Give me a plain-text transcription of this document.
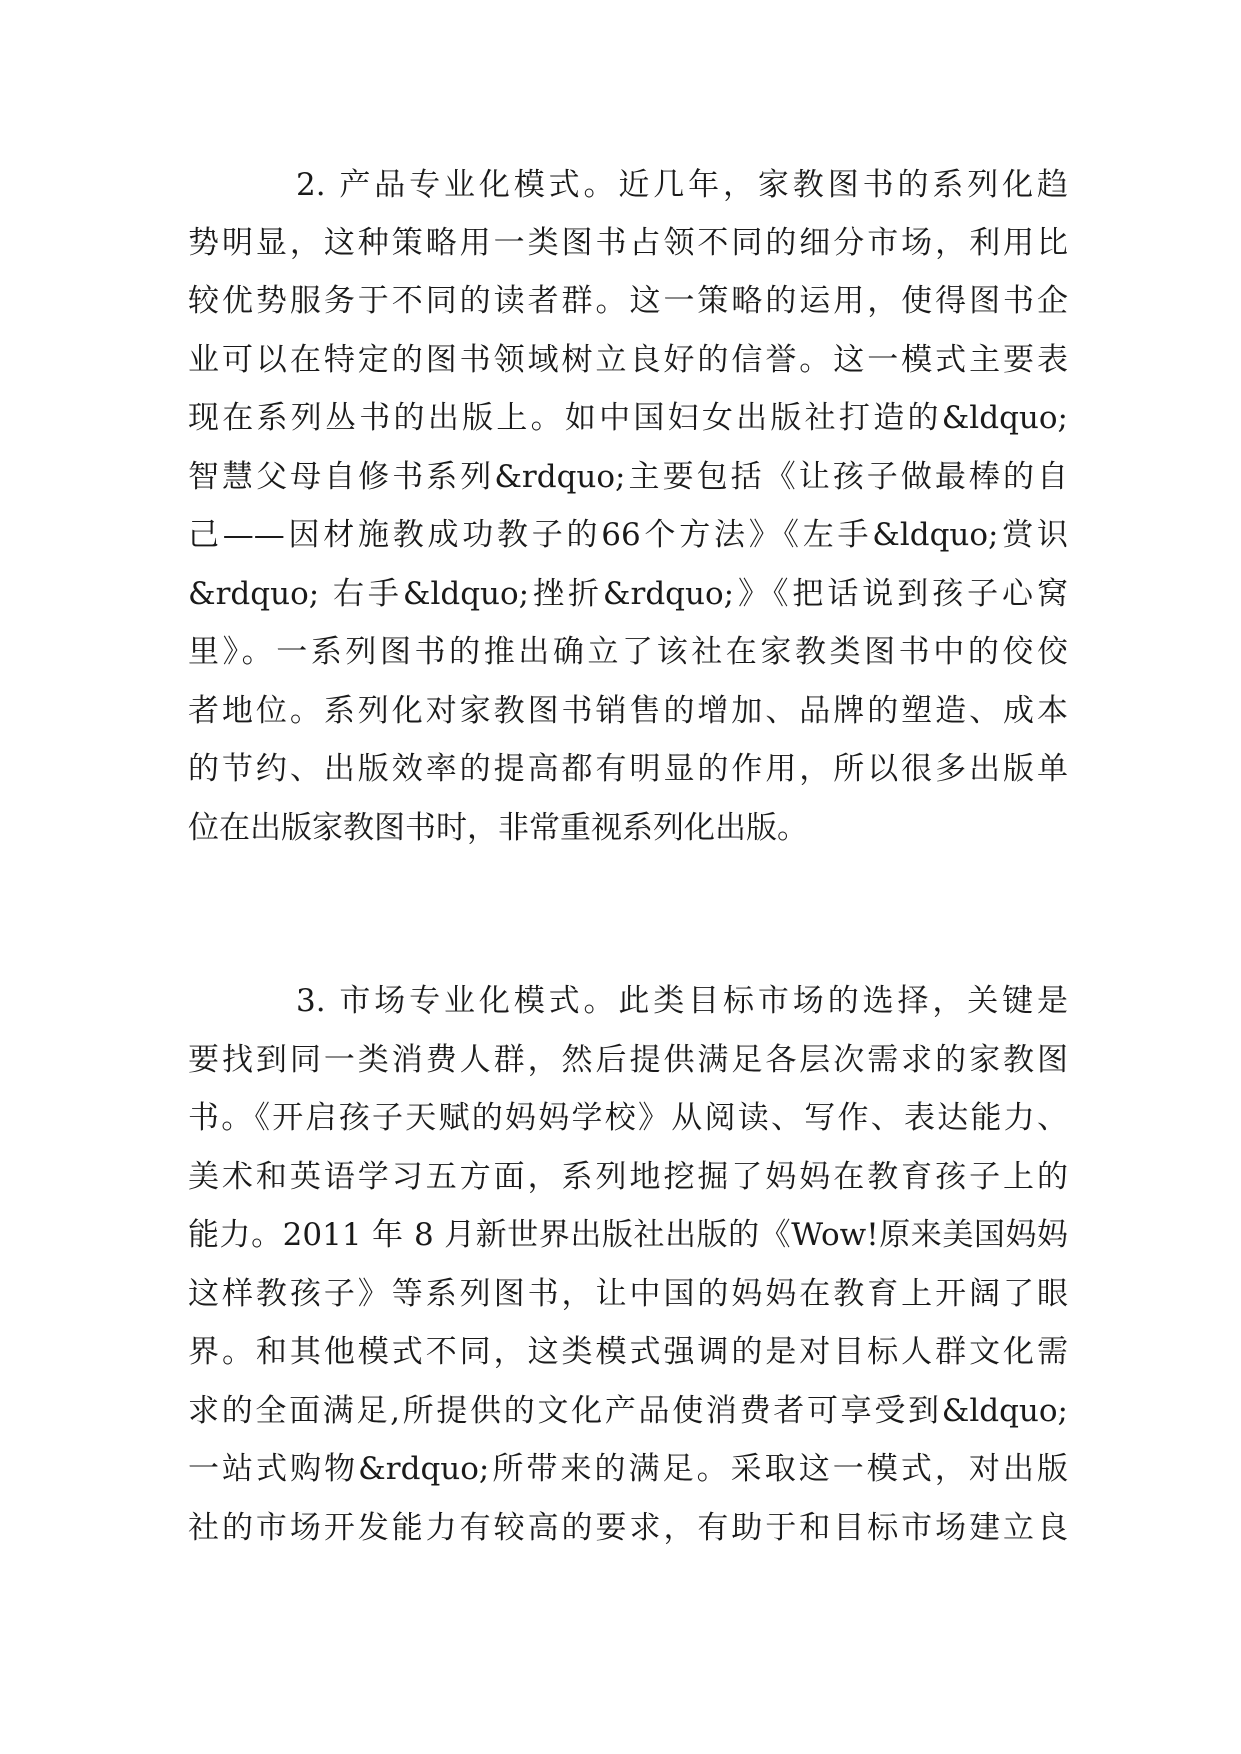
2. 产品专业化模式。近几年，家教图书的系列化趋
势明显，这种策略用一类图书占领不同的细分市场，利用比
较优势服务于不同的读者群。这一策略的运用，使得图书企
业可以在特定的图书领域树立良好的信誉。这一模式主要表
现在系列丛书的出版上。如中国妇女出版社打造的&ldquo;
智慧父母自修书系列&rdquo;主要包括《让孩子做最棒的自
己——因材施教成功教子的66个方法》《左手&ldquo;赏识
&rdquo; 右手&ldquo;挫折&rdquo;》《把话说到孩子心窝
里》。一系列图书的推出确立了该社在家教类图书中的佼佼
者地位。系列化对家教图书销售的增加、品牌的塑造、成本
的节约、出版效率的提高都有明显的作用，所以很多出版单
位在出版家教图书时，非常重视系列化出版。
3. 市场专业化模式。此类目标市场的选择，关键是
要找到同一类消费人群，然后提供满足各层次需求的家教图
书。《开启孩子天赋的妈妈学校》从阅读、写作、表达能力、
美术和英语学习五方面，系列地挖掘了妈妈在教育孩子上的
能力。2011 年 8 月新世界出版社出版的《Wow!原来美国妈妈
这样教孩子》等系列图书，让中国的妈妈在教育上开阔了眼
界。和其他模式不同，这类模式强调的是对目标人群文化需
求的全面满足,所提供的文化产品使消费者可享受到&ldquo;
一站式购物&rdquo;所带来的满足。采取这一模式，对出版
社的市场开发能力有较高的要求，有助于和目标市场建立良
